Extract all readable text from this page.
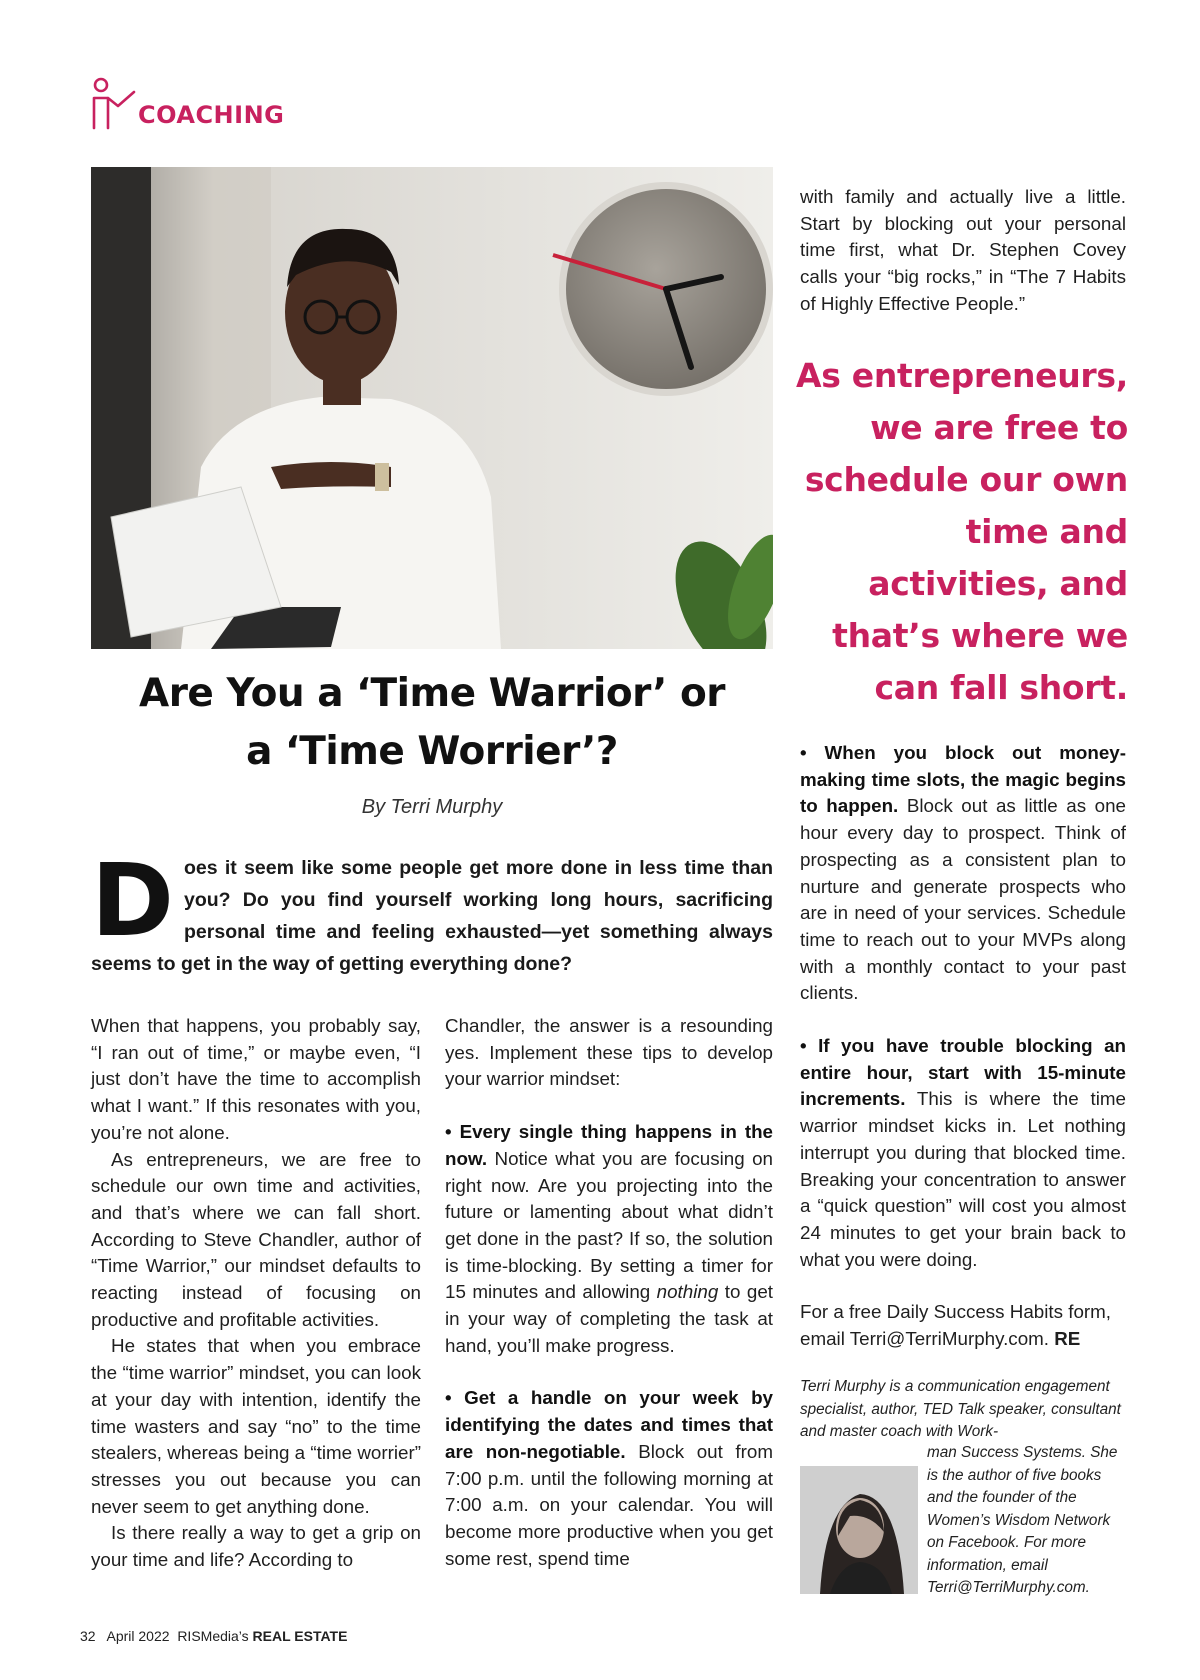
COACHING
Are You a ‘Time Warrior’ or
a ‘Time Worrier’?
By Terri Murphy
D oes it seem like some people get more done in less time than you? Do you find yourself working long hours, sacrificing personal time and feeling exhausted—yet something always seems to get in the way of getting everything done?

When that happens, you probably say, “I ran out of time,” or maybe even, “I just don’t have the time to accomplish what I want.” If this resonates with you, you’re not alone.

As entrepreneurs, we are free to schedule our own time and activities, and that’s where we can fall short. According to Steve Chandler, author of “Time Warrior,” our mindset defaults to reacting instead of focusing on productive and profitable activities.

He states that when you embrace the “time warrior” mindset, you can look at your day with intention, identify the time wasters and say “no” to the time stealers, whereas being a “time worrier” stresses you out because you can never seem to get anything done.

Is there really a way to get a grip on your time and life? According to

Chandler, the answer is a resounding yes. Implement these tips to develop your warrior mindset:

• Every single thing happens in the now. Notice what you are focusing on right now. Are you projecting into the future or lamenting about what didn’t get done in the past? If so, the solution is time-blocking. By setting a timer for 15 minutes and allowing nothing to get in your way of completing the task at hand, you’ll make progress.

• Get a handle on your week by identifying the dates and times that are non-negotiable. Block out from 7:00 p.m. until the following morning at 7:00 a.m. on your calendar. You will become more productive when you get some rest, spend time

with family and actually live a little. Start by blocking out your personal time first, what Dr. Stephen Covey calls your “big rocks,” in “The 7 Habits of Highly Effective People.”

As entrepreneurs, we are free to schedule our own time and activities, and that’s where we can fall short.

• When you block out money-making time slots, the magic begins to happen. Block out as little as one hour every day to prospect. Think of prospecting as a consistent plan to nurture and generate prospects who are in need of your services. Schedule time to reach out to your MVPs along with a monthly contact to your past clients.

• If you have trouble blocking an entire hour, start with 15-minute increments. This is where the time warrior mindset kicks in. Let nothing interrupt you during that blocked time. Breaking your concentration to answer a “quick question” will cost you almost 24 minutes to get your brain back to what you were doing.

For a free Daily Success Habits form, email Terri@TerriMurphy.com. RE

Terri Murphy is a communication engagement specialist, author, TED Talk speaker, consultant and master coach with Work-
man Success Systems. She is the author of five books and the founder of the Women’s Wisdom Network on Facebook. For more information, email Terri@TerriMurphy.com.
32 April 2022 RISMedia’s REAL ESTATE
